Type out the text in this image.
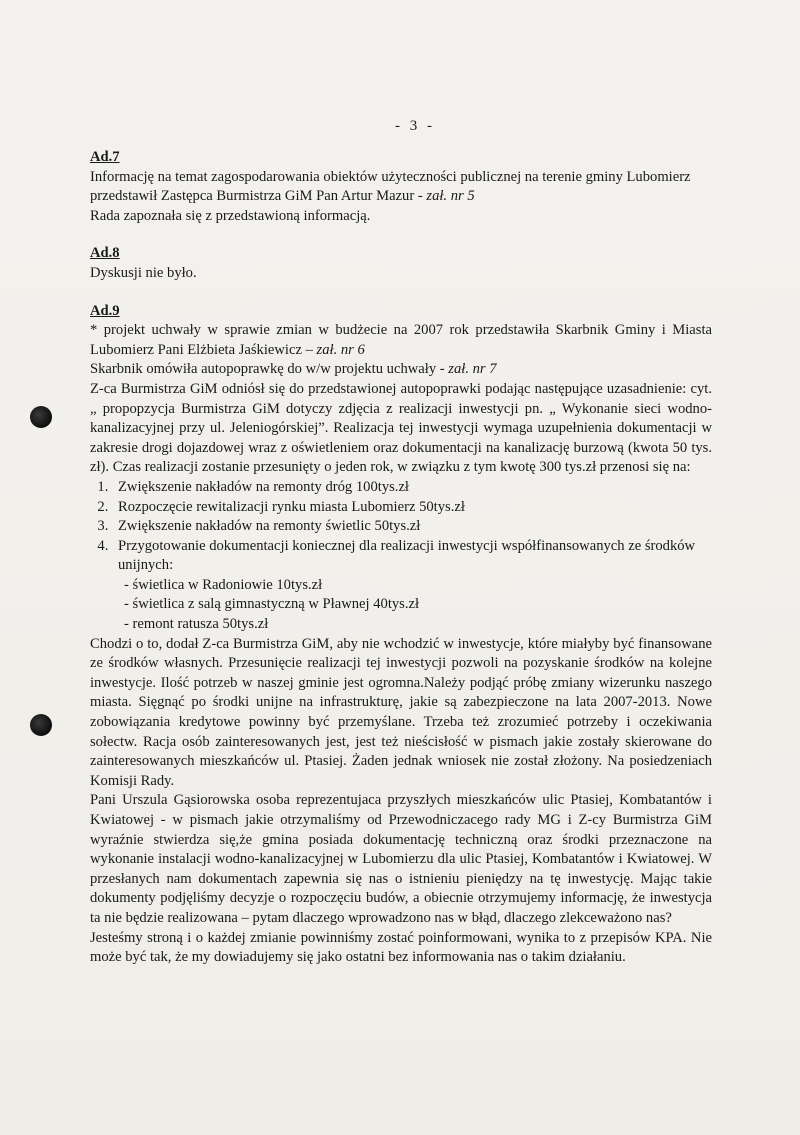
- 3 -

Ad.7

Informację na temat zagospodarowania obiektów użyteczności publicznej na terenie gminy Lubomierz przedstawił Zastępca Burmistrza GiM Pan Artur Mazur - zał. nr 5

Rada zapoznała się z przedstawioną informacją.

Ad.8

Dyskusji nie było.

Ad.9

* projekt uchwały w sprawie zmian w budżecie na 2007 rok przedstawiła Skarbnik Gminy i Miasta Lubomierz Pani Elżbieta Jaśkiewicz – zał. nr 6

Skarbnik omówiła autopoprawkę do w/w projektu uchwały - zał. nr 7

Z-ca Burmistrza GiM odniósł się do przedstawionej autopoprawki podając następujące uzasadnienie: cyt. „ propopzycja Burmistrza GiM dotyczy zdjęcia z realizacji inwestycji pn. „ Wykonanie sieci wodno-kanalizacyjnej przy ul. Jeleniogórskiej”. Realizacja tej inwestycji wymaga uzupełnienia dokumentacji w zakresie drogi dojazdowej wraz z oświetleniem oraz dokumentacji na kanalizację burzową (kwota 50 tys. zł). Czas realizacji zostanie przesunięty o jeden rok, w związku z tym kwotę 300 tys.zł przenosi się na:

1. Zwiększenie nakładów na remonty dróg 100tys.zł
2. Rozpoczęcie rewitalizacji rynku miasta Lubomierz 50tys.zł
3. Zwiększenie nakładów na remonty świetlic 50tys.zł
4. Przygotowanie dokumentacji koniecznej dla realizacji inwestycji współfinansowanych ze środków unijnych:
- świetlica w Radoniowie 10tys.zł
- świetlica z salą gimnastyczną w Pławnej 40tys.zł
- remont ratusza 50tys.zł

Chodzi o to, dodał Z-ca Burmistrza GiM, aby nie wchodzić w inwestycje, które miałyby być finansowane ze środków własnych. Przesunięcie realizacji tej inwestycji pozwoli na pozyskanie środków na kolejne inwestycje. Ilość potrzeb w naszej gminie jest ogromna.Należy podjąć próbę zmiany wizerunku naszego miasta. Sięgnąć po środki unijne na infrastrukturę, jakie są zabezpieczone na lata 2007-2013. Nowe zobowiązania kredytowe powinny być przemyślane. Trzeba też zrozumieć potrzeby i oczekiwania sołectw. Racja osób zainteresowanych jest, jest też nieścisłość w pismach jakie zostały skierowane do zainteresowanych mieszkańców ul. Ptasiej. Żaden jednak wniosek nie został złożony. Na posiedzeniach Komisji Rady.

Pani Urszula Gąsiorowska osoba reprezentujaca przyszłych mieszkańców ulic Ptasiej, Kombatantów i Kwiatowej - w pismach jakie otrzymaliśmy od Przewodniczacego rady MG i Z-cy Burmistrza GiM wyraźnie stwierdza się,że gmina posiada dokumentację techniczną oraz środki przeznaczone na wykonanie instalacji wodno-kanalizacyjnej w Lubomierzu dla ulic Ptasiej, Kombatantów i Kwiatowej. W przesłanych nam dokumentach zapewnia się nas o istnieniu pieniędzy na tę inwestycję. Mając takie dokumenty podjęliśmy decyzje o rozpoczęciu budów, a obiecnie otrzymujemy informację, że inwestycja ta nie będzie realizowana – pytam dlaczego wprowadzono nas w błąd, dlaczego zlekceważono nas?

Jesteśmy stroną i o każdej zmianie powinniśmy zostać poinformowani, wynika to z przepisów KPA. Nie może być tak, że my dowiadujemy się jako ostatni bez informowania nas o takim działaniu.
